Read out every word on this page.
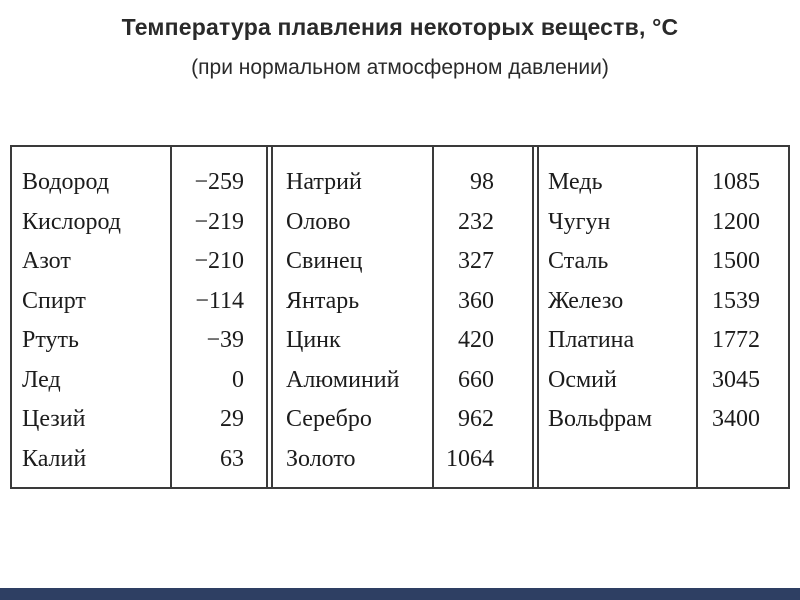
Температура плавления некоторых веществ, °С
(при нормальном атмосферном давлении)
Водород
Кислород
Азот
Спирт
Ртуть
Лед
Цезий
Калий
−259
−219
−210
−114
−39
0
29
63
Натрий
Олово
Свинец
Янтарь
Цинк
Алюминий
Серебро
Золото
98
232
327
360
420
660
962
1064
Медь
Чугун
Сталь
Железо
Платина
Осмий
Вольфрам
1085
1200
1500
1539
1772
3045
3400
